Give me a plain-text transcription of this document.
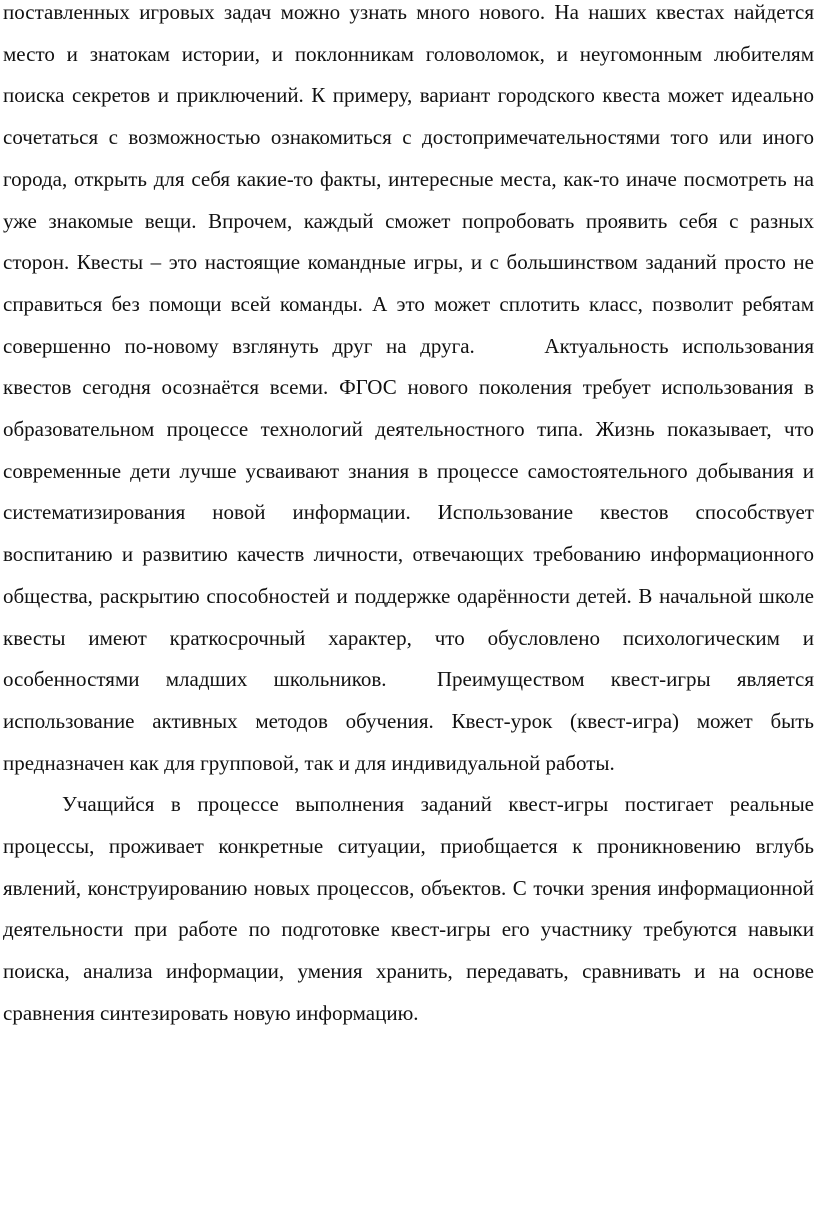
поставленных игровых задач можно узнать много нового. На наших квестах найдется место и знатокам истории, и поклонникам головоломок, и неугомонным любителям поиска секретов и приключений. К примеру, вариант городского квеста может идеально сочетаться с возможностью ознакомиться с достопримечательностями того или иного города, открыть для себя какие-то факты, интересные места, как-то иначе посмотреть на уже знакомые вещи. Впрочем, каждый сможет попробовать проявить себя с разных сторон. Квесты – это настоящие командные игры, и с большинством заданий просто не справиться без помощи всей команды. А это может сплотить класс, позволит ребятам совершенно по-новому взглянуть друг на друга.	Актуальность использования квестов сегодня осознаётся всеми. ФГОС нового поколения требует использования в образовательном процессе технологий деятельностного типа. Жизнь показывает, что современные дети лучше усваивают знания в процессе самостоятельного добывания и систематизирования новой информации. Использование квестов способствует воспитанию и развитию качеств личности, отвечающих требованию информационного общества, раскрытию способностей и поддержке одарённости детей. В начальной школе квесты имеют краткосрочный характер, что обусловлено психологическим и особенностями младших школьников. Преимуществом квест-игры является использование активных методов обучения. Квест-урок (квест-игра) может быть предназначен как для групповой, так и для индивидуальной работы.

Учащийся в процессе выполнения заданий квест-игры постигает реальные процессы, проживает конкретные ситуации, приобщается к проникновению вглубь явлений, конструированию новых процессов, объектов. С точки зрения информационной деятельности при работе по подготовке квест-игры его участнику требуются навыки поиска, анализа информации, умения хранить, передавать, сравнивать и на основе сравнения синтезировать новую информацию.
